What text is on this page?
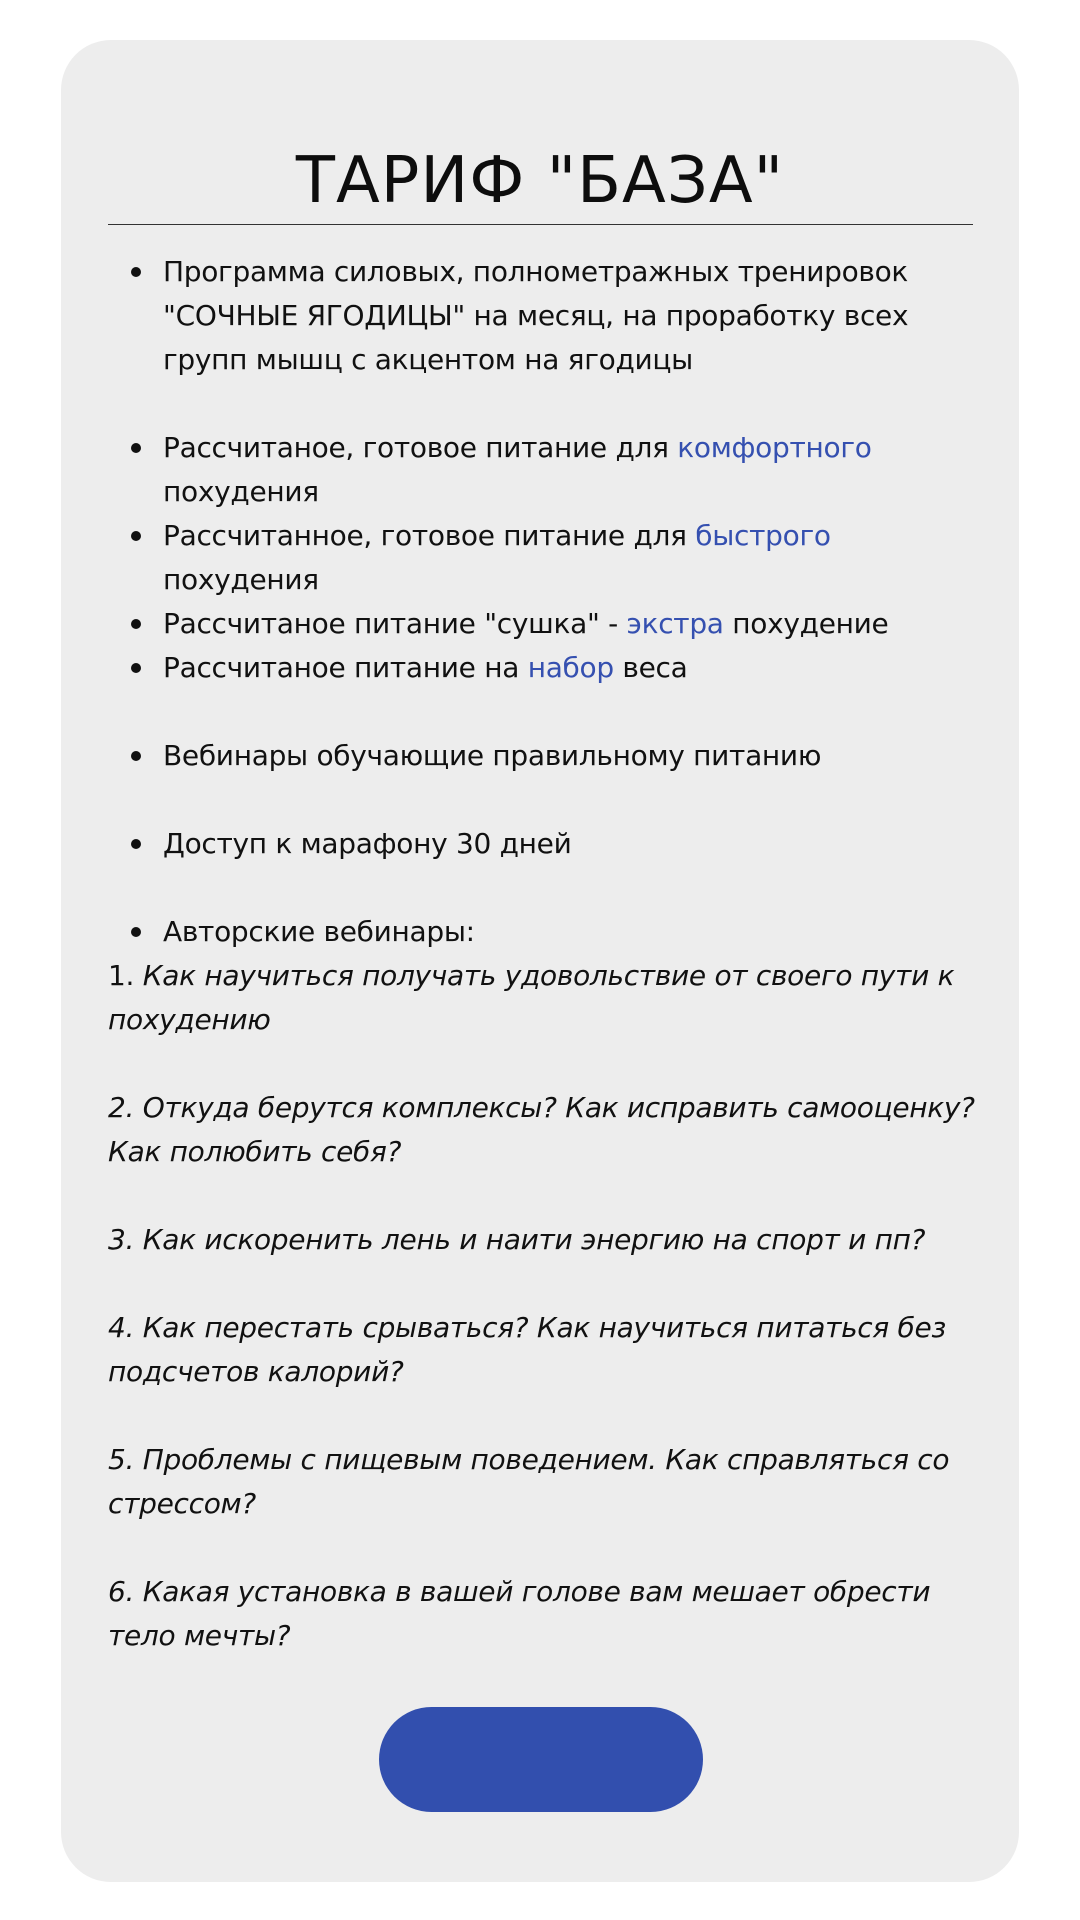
ТАРИФ "БАЗА"
Программа силовых, полнометражных тренировок "СОЧНЫЕ ЯГОДИЦЫ" на месяц, на проработку всех групп мышц с акцентом на ягодицы
Рассчитаное, готовое питание для комфортного похудения
Рассчитанное, готовое питание для быстрого похудения
Рассчитаное питание "сушка" - экстра похудение
Рассчитаное питание на набор веса
Вебинары обучающие правильному питанию
Доступ к марафону 30 дней
Авторские вебинары:

1. Как научиться получать удовольствие от своего пути к похудению

2. Откуда берутся комплексы? Как исправить самооценку? Как полюбить себя?

3. Как искоренить лень и наити энергию на спорт и пп?

4. Как перестать срываться? Как научиться питаться без подсчетов калорий?

5. Проблемы с пищевым поведением. Как справляться со стрессом?

6. Какая установка в вашей голове вам мешает обрести тело мечты?
